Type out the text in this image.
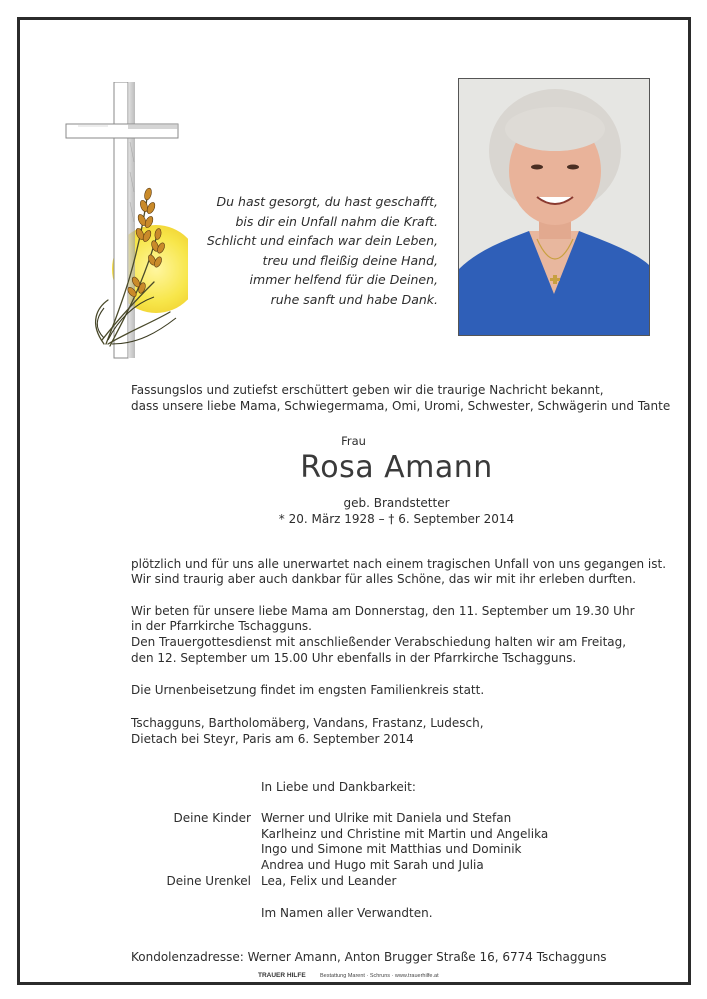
Du hast gesorgt, du hast geschafft,
bis dir ein Unfall nahm die Kraft.
Schlicht und einfach war dein Leben,
treu und fleißig deine Hand,
immer helfend für die Deinen,
ruhe sanft und habe Dank.
Fassungslos und zutiefst erschüttert geben wir die traurige Nachricht bekannt,
dass unsere liebe Mama, Schwiegermama, Omi, Uromi, Schwester, Schwägerin und Tante
Frau
Rosa Amann
geb. Brandstetter
* 20. März 1928 – † 6. September 2014
plötzlich und für uns alle unerwartet nach einem tragischen Unfall von uns gegangen ist.
Wir sind traurig aber auch dankbar für alles Schöne, das wir mit ihr erleben durften.
Wir beten für unsere liebe Mama am Donnerstag, den 11. September um 19.30 Uhr
in der Pfarrkirche Tschagguns.
Den Trauergottesdienst mit anschließender Verabschiedung halten wir am Freitag,
den 12. September um 15.00 Uhr ebenfalls in der Pfarrkirche Tschagguns.
Die Urnenbeisetzung findet im engsten Familienkreis statt.
Tschagguns, Bartholomäberg, Vandans, Frastanz, Ludesch,
Dietach bei Steyr, Paris am 6. September 2014
In Liebe und Dankbarkeit:
Deine Kinder Werner und Ulrike mit Daniela und Stefan
Karlheinz und Christine mit Martin und Angelika
Ingo und Simone mit Matthias und Dominik
Andrea und Hugo mit Sarah und Julia
Deine Urenkel Lea, Felix und Leander
Im Namen aller Verwandten.
Kondolenzadresse: Werner Amann, Anton Brugger Straße 16, 6774 Tschagguns
TRAUER HILFE	Bestattung Marent · Schruns · www.trauerhilfe.at
